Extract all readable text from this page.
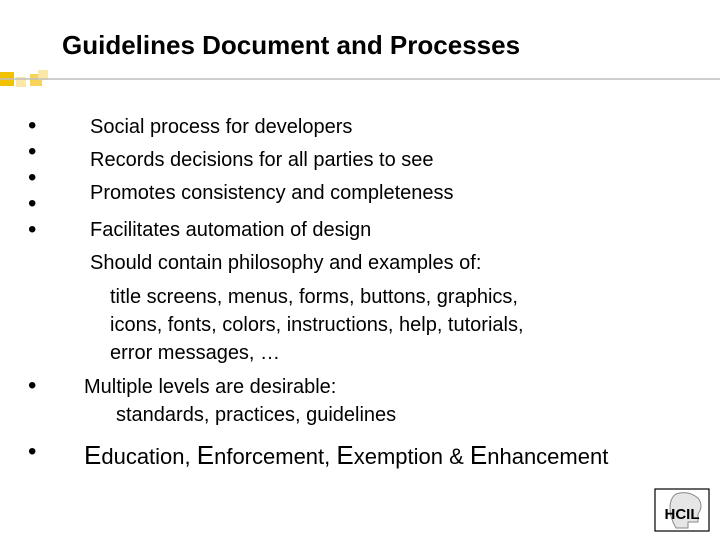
Guidelines Document and Processes
•
•
•
•
•
•
•
Social process for developers
Records decisions for all parties to see
Promotes consistency and completeness
Facilitates automation of design
Should contain philosophy and examples of:
title screens, menus, forms, buttons, graphics,
icons, fonts, colors, instructions, help, tutorials,
error messages, …
Multiple levels are desirable:
standards, practices, guidelines
Education, Enforcement, Exemption & Enhancement
HCIL
